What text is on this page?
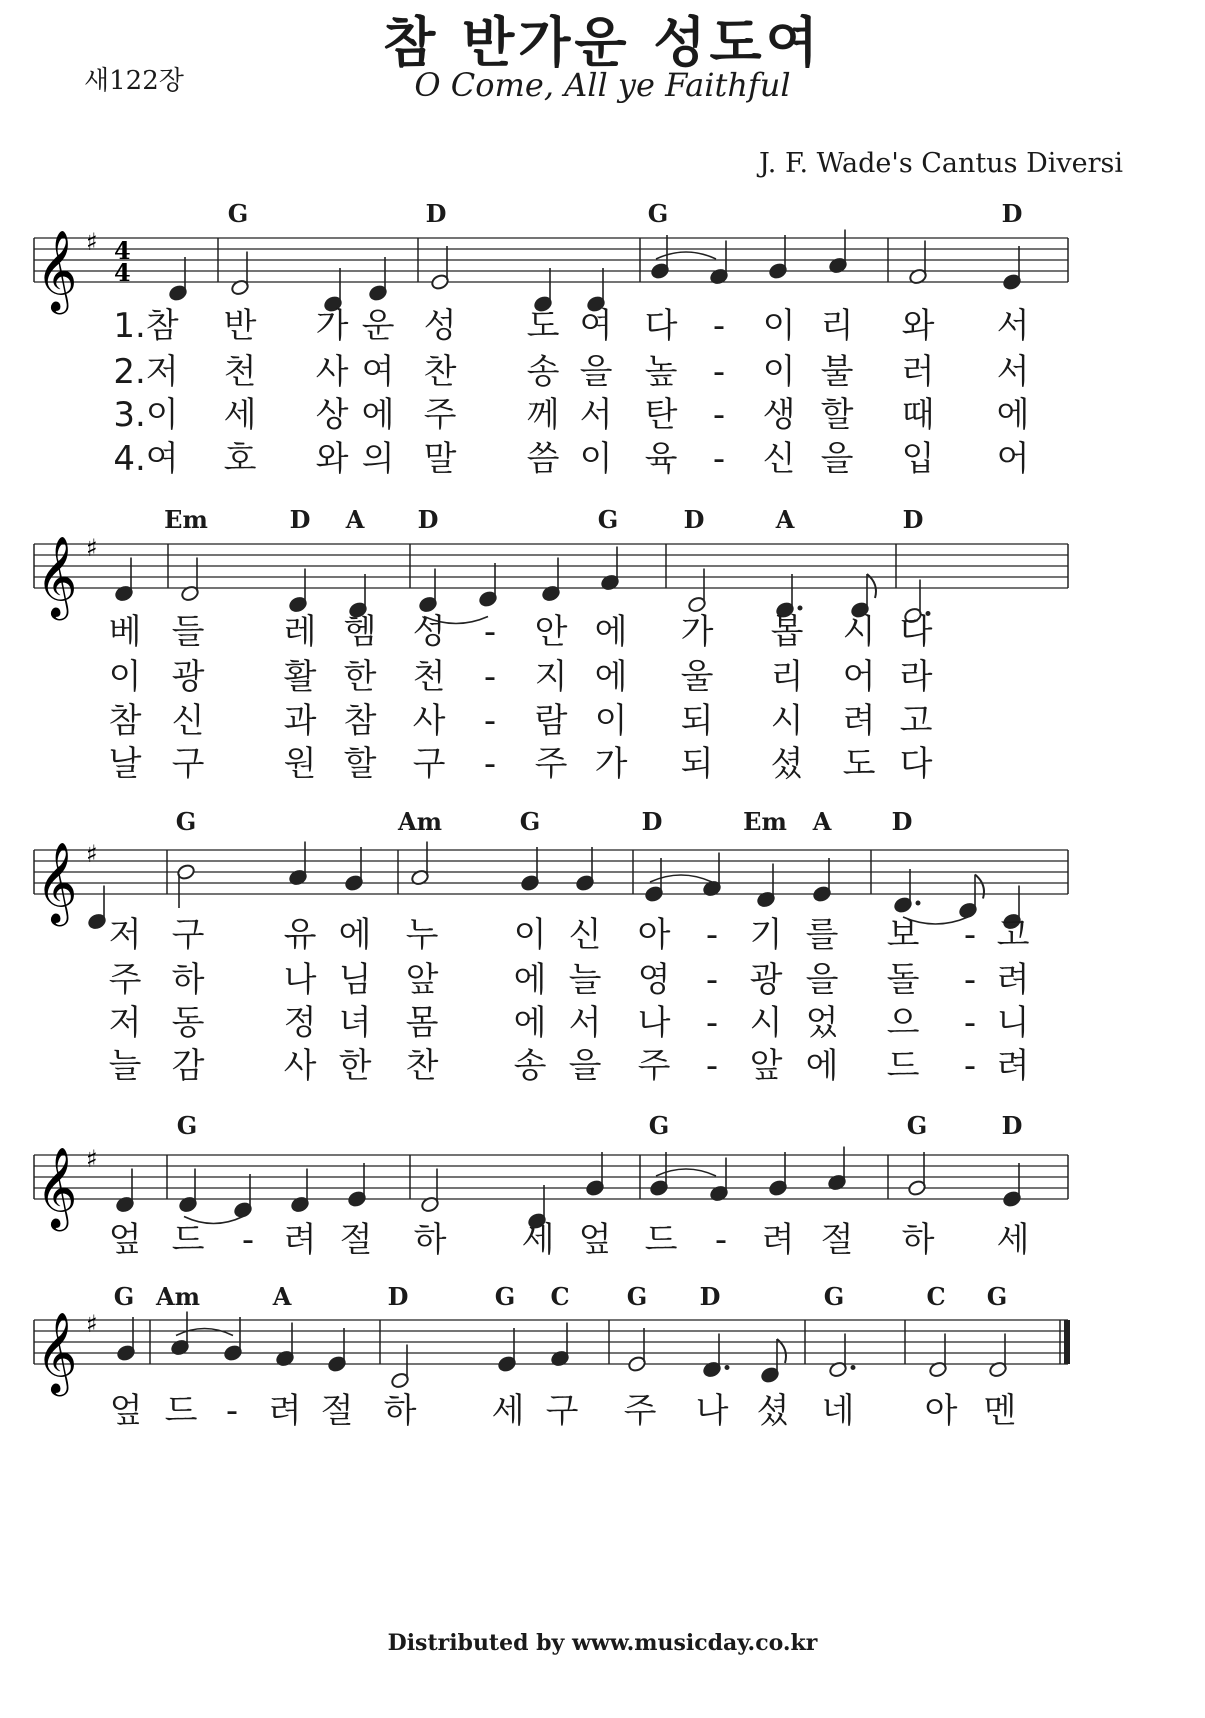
새122장
참 반가운 성도여
O Come, All ye Faithful
J. F. Wade's Cantus Diversi
𝄞 ♯ 4
4
G	D	G	D
1.참 반 가 운 성 도 여 다 - 이 리 와 서
2.저 천 사 여 찬 송 을 높 - 이 불 러 서
3.이 세 상 에 주 께 서 탄 - 생 할 때 에
4.여 호 와 의 말 씀 이 육 - 신 을 입 어
𝄞 ♯
Em	D A D	G	D	A	D
베 들 레 헴 성 - 안 에 가 봅 시 다
이 광 활 한 천 - 지 에 울 리 어 라
참 신 과 참 사 - 람 이 되 시 려 고
날 구 원 할 구 - 주 가 되 셨 도 다
𝄞 ♯
G	Am	G	D	Em A	D
저 구 유 에 누 이 신 아 - 기 를 보 - 고
주 하 나 님 앞 에 늘 영 - 광 을 돌 - 려
저 동 정 녀 몸 에 서 나 - 시 었 으 - 니
늘 감 사 한 찬 송 을 주 - 앞 에 드 - 려
𝄞 ♯
G	G	G	D
엎 드 - 려 절 하 세 엎 드 - 려 절 하 세
𝄞 ♯
G Am	A	D	G C G D	G	C G
엎 드 - 려 절 하 세 구 주 나 셨 네 아 멘
Distributed by www.musicday.co.kr
